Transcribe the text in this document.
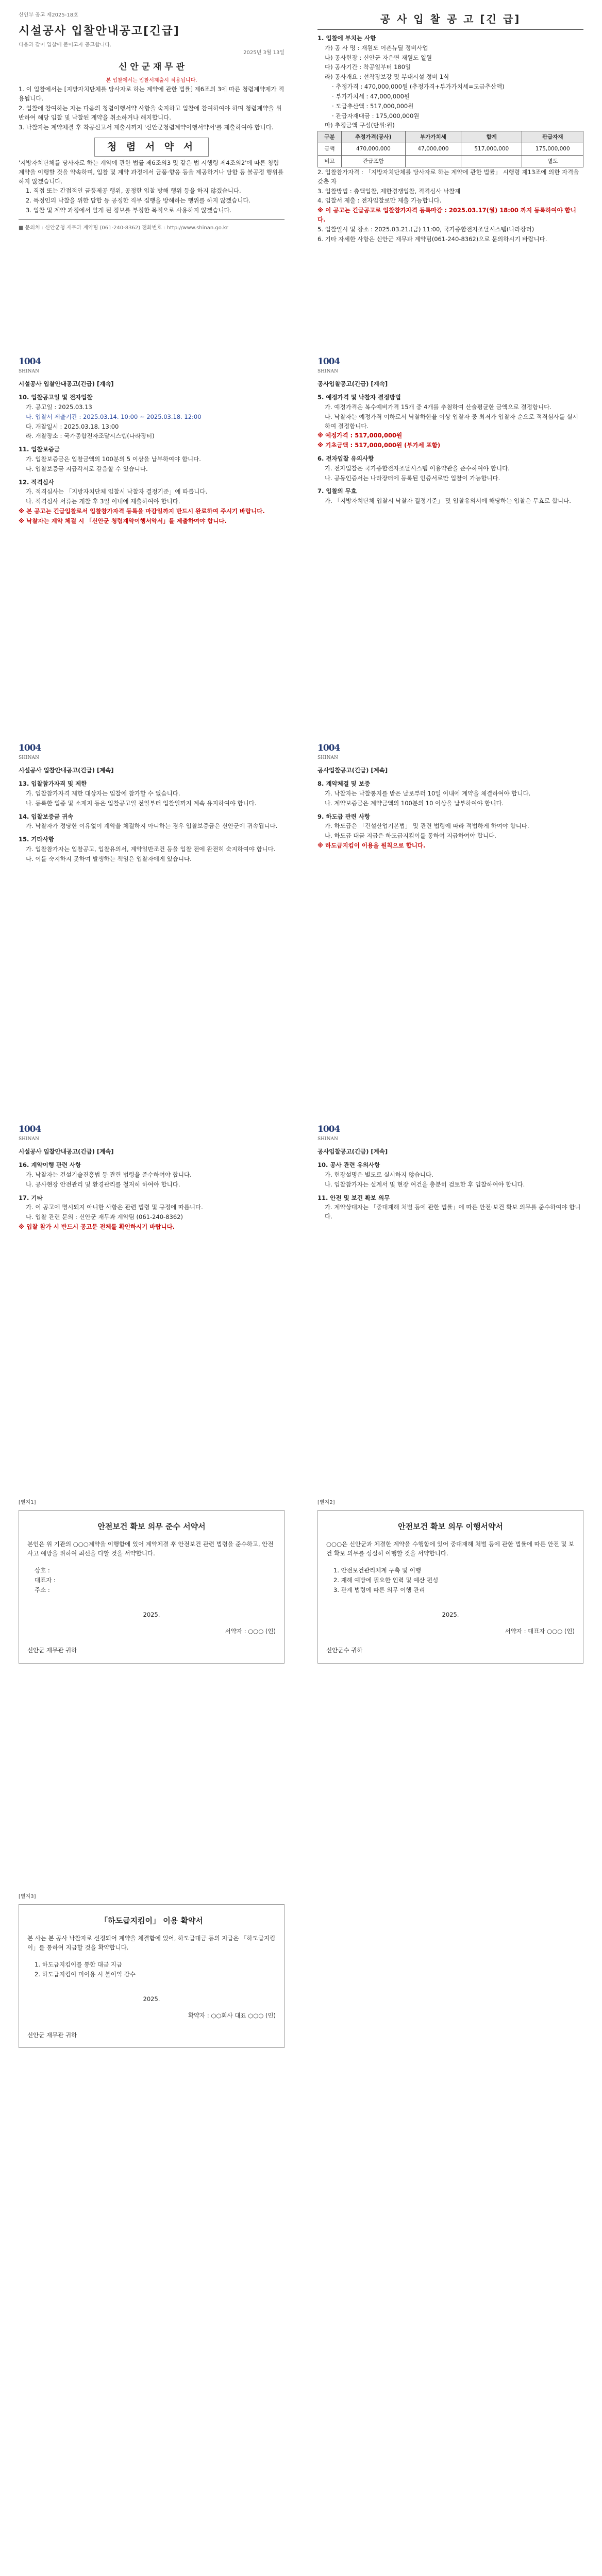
신인부 공고 제2025-18호
시설공사 입찰안내공고[긴급]
다음과 같이 입찰에 붙이고자 공고합니다.
2025년 3월 13일
신 안 군 재 무 관
본 입찰에서는 입찰서제출시 적용됩니다.
1. 이 입찰에서는 [지방자치단체를 당사자로 하는 계약에 관한 법률] 제6조의 3에 따른 청렴계약제가 적용됩니다.
2. 입찰에 참여하는 자는 다음의 청렴이행서약 사항을 숙지하고 입찰에 참여하여야 하며 청렴계약을 위반하여 해당 입찰 및 낙찰된 계약을 취소하거나 해지합니다.
3. 낙찰자는 계약체결 후 착공신고서 제출시까지 '신안군청렴계약이행서약서'를 제출하여야 합니다.
청 렴 서 약 서
'지방자치단체를 당사자로 하는 계약에 관한 법률 제6조의3 및 같은 법 시행령 제4조의2'에 따른 청렴계약을 이행할 것을 약속하며, 입찰 및 계약 과정에서 금품·향응 등을 제공하거나 담합 등 불공정 행위를 하지 않겠습니다.
1. 직접 또는 간접적인 금품제공 행위, 공정한 입찰 방해 행위 등을 하지 않겠습니다.
2. 특정인의 낙찰을 위한 담합 등 공정한 직무 집행을 방해하는 행위를 하지 않겠습니다.
3. 입찰 및 계약 과정에서 알게 된 정보를 부정한 목적으로 사용하지 않겠습니다.
■ 문의처 : 신안군청 재무과 계약팀 (061-240-8362) 전화번호 : http://www.shinan.go.kr
공 사 입 찰 공 고 [긴 급]
1. 입찰에 부치는 사항
가) 공 사 명 : 재원도 어촌뉴딜 정비사업
나) 공사현장 : 신안군 자은면 재원도 일원
다) 공사기간 : 착공일부터 180일
라) 공사개요 : 선착장보강 및 부대시설 정비 1식
· 추정가격 : 470,000,000원 (추정가격+부가가치세=도급추산액)
· 부가가치세 : 47,000,000원
· 도급추산액 : 517,000,000원
· 관급자재대금 : 175,000,000원
마) 추정금액 구성(단위:원)
구분	추정가격(공사)	부가가치세	합계	관급자재
금액	470,000,000	47,000,000	517,000,000	175,000,000
비고	관급포함			별도
2. 입찰참가자격 : 「지방자치단체를 당사자로 하는 계약에 관한 법률」 시행령 제13조에 의한 자격을 갖춘 자
3. 입찰방법 : 총액입찰, 제한경쟁입찰, 적격심사 낙찰제
4. 입찰서 제출 : 전자입찰로만 제출 가능합니다.
※ 이 공고는 긴급공고로 입찰참가자격 등록마감 : 2025.03.17(월) 18:00 까지 등록하여야 합니다.
5. 입찰일시 및 장소 : 2025.03.21.(금) 11:00, 국가종합전자조달시스템(나라장터)
6. 기타 자세한 사항은 신안군 재무과 계약팀(061-240-8362)으로 문의하시기 바랍니다.
1004
SHINAN
시설공사 입찰안내공고(긴급) [계속]
10. 입찰공고일 및 전자입찰
가. 공고일 : 2025.03.13
나. 입찰서 제출기간 : 2025.03.14. 10:00 ~ 2025.03.18. 12:00
다. 개찰일시 : 2025.03.18. 13:00
라. 개찰장소 : 국가종합전자조달시스템(나라장터)
11. 입찰보증금
가. 입찰보증금은 입찰금액의 100분의 5 이상을 납부하여야 합니다.
나. 입찰보증금 지급각서로 갈음할 수 있습니다.
12. 적격심사
가. 적격심사는 「지방자치단체 입찰시 낙찰자 결정기준」에 따릅니다.
나. 적격심사 서류는 개찰 후 3일 이내에 제출하여야 합니다.
※ 본 공고는 긴급입찰로서 입찰참가자격 등록을 마감일까지 반드시 완료하여 주시기 바랍니다.
※ 낙찰자는 계약 체결 시 「신안군 청렴계약이행서약서」를 제출하여야 합니다.
1004
SHINAN
공사입찰공고(긴급) [계속]
5. 예정가격 및 낙찰자 결정방법
가. 예정가격은 복수예비가격 15개 중 4개를 추첨하여 산술평균한 금액으로 결정합니다.
나. 낙찰자는 예정가격 이하로서 낙찰하한율 이상 입찰자 중 최저가 입찰자 순으로 적격심사를 실시하여 결정합니다.
※ 예정가격 : 517,000,000원
※ 기초금액 : 517,000,000원 (부가세 포함)
6. 전자입찰 유의사항
가. 전자입찰은 국가종합전자조달시스템 이용약관을 준수하여야 합니다.
나. 공동인증서는 나라장터에 등록된 인증서로만 입찰이 가능합니다.
7. 입찰의 무효
가. 「지방자치단체 입찰시 낙찰자 결정기준」 및 입찰유의서에 해당하는 입찰은 무효로 합니다.
1004
SHINAN
시설공사 입찰안내공고(긴급) [계속]
13. 입찰참가자격 및 제한
가. 입찰참가자격 제한 대상자는 입찰에 참가할 수 없습니다.
나. 등록한 업종 및 소재지 등은 입찰공고일 전일부터 입찰일까지 계속 유지하여야 합니다.
14. 입찰보증금 귀속
가. 낙찰자가 정당한 이유없이 계약을 체결하지 아니하는 경우 입찰보증금은 신안군에 귀속됩니다.
15. 기타사항
가. 입찰참가자는 입찰공고, 입찰유의서, 계약일반조건 등을 입찰 전에 완전히 숙지하여야 합니다.
나. 이를 숙지하지 못하여 발생하는 책임은 입찰자에게 있습니다.
1004
SHINAN
공사입찰공고(긴급) [계속]
8. 계약체결 및 보증
가. 낙찰자는 낙찰통지를 받은 날로부터 10일 이내에 계약을 체결하여야 합니다.
나. 계약보증금은 계약금액의 100분의 10 이상을 납부하여야 합니다.
9. 하도급 관련 사항
가. 하도급은 「건설산업기본법」 및 관련 법령에 따라 적법하게 하여야 합니다.
나. 하도급 대금 지급은 하도급지킴이를 통하여 지급하여야 합니다.
※ 하도급지킴이 이용을 원칙으로 합니다.
1004
SHINAN
시설공사 입찰안내공고(긴급) [계속]
16. 계약이행 관련 사항
가. 낙찰자는 건설기술진흥법 등 관련 법령을 준수하여야 합니다.
나. 공사현장 안전관리 및 환경관리를 철저히 하여야 합니다.
17. 기타
가. 이 공고에 명시되지 아니한 사항은 관련 법령 및 규정에 따릅니다.
나. 입찰 관련 문의 : 신안군 재무과 계약팀 (061-240-8362)
※ 입찰 참가 시 반드시 공고문 전체를 확인하시기 바랍니다.
1004
SHINAN
공사입찰공고(긴급) [계속]
10. 공사 관련 유의사항
가. 현장설명은 별도로 실시하지 않습니다.
나. 입찰참가자는 설계서 및 현장 여건을 충분히 검토한 후 입찰하여야 합니다.
11. 안전 및 보건 확보 의무
가. 계약상대자는 「중대재해 처벌 등에 관한 법률」에 따른 안전·보건 확보 의무를 준수하여야 합니다.
[별지1]
안전보건 확보 의무 준수 서약서
본인은 위 기관의 ○○○계약을 이행함에 있어 계약체결 후 안전보건 관련 법령을 준수하고, 안전사고 예방을 위하여 최선을 다할 것을 서약합니다.
상호 :
대표자 :
주소 :
2025.
서약자 : ○○○ (인)
신안군 재무관 귀하
[별지2]
안전보건 확보 의무 이행서약서
○○○은 신안군과 체결한 계약을 수행함에 있어 중대재해 처벌 등에 관한 법률에 따른 안전 및 보건 확보 의무를 성실히 이행할 것을 서약합니다.
1. 안전보건관리체계 구축 및 이행
2. 재해 예방에 필요한 인력 및 예산 편성
3. 관계 법령에 따른 의무 이행 관리
2025.
서약자 : 대표자 ○○○ (인)
신안군수 귀하
[별지3]
「하도급지킴이」 이용 확약서
본 사는 본 공사 낙찰자로 선정되어 계약을 체결함에 있어, 하도급대금 등의 지급은 「하도급지킴이」를 통하여 지급할 것을 확약합니다.
1. 하도급지킴이를 통한 대금 지급
2. 하도급지킴이 미이용 시 불이익 감수
2025.
확약자 : ○○회사 대표 ○○○ (인)
신안군 재무관 귀하
